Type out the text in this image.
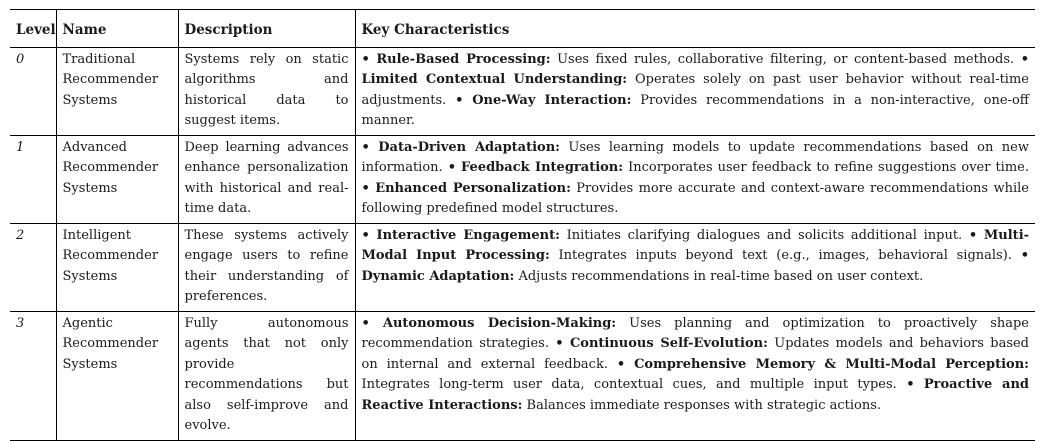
Level	Name	Description	Key Characteristics
0	Traditional Recommender Systems	Systems rely on static algorithms and historical data to suggest items.	• Rule-Based Processing: Uses fixed rules, collaborative filtering, or content-based methods. • Limited Contextual Understanding: Operates solely on past user behavior without real-time adjustments. • One-Way Interaction: Provides recommendations in a non-interactive, one-off manner.
1	Advanced Recommender Systems	Deep learning advances enhance personalization with historical and real-time data.	• Data-Driven Adaptation: Uses learning models to update recommendations based on new information. • Feedback Integration: Incorporates user feedback to refine suggestions over time. • Enhanced Personalization: Provides more accurate and context-aware recommendations while following predefined model structures.
2	Intelligent Recommender Systems	These systems actively engage users to refine their understanding of preferences.	• Interactive Engagement: Initiates clarifying dialogues and solicits additional input. • Multi-Modal Input Processing: Integrates inputs beyond text (e.g., images, behavioral signals). • Dynamic Adaptation: Adjusts recommendations in real-time based on user context.
3	Agentic Recommender Systems	Fully autonomous agents that not only provide recommendations but also self-improve and evolve.	• Autonomous Decision-Making: Uses planning and optimization to proactively shape recommendation strategies. • Continuous Self-Evolution: Updates models and behaviors based on internal and external feedback. • Comprehensive Memory & Multi-Modal Perception: Integrates long-term user data, contextual cues, and multiple input types. • Proactive and Reactive Interactions: Balances immediate responses with strategic actions.
